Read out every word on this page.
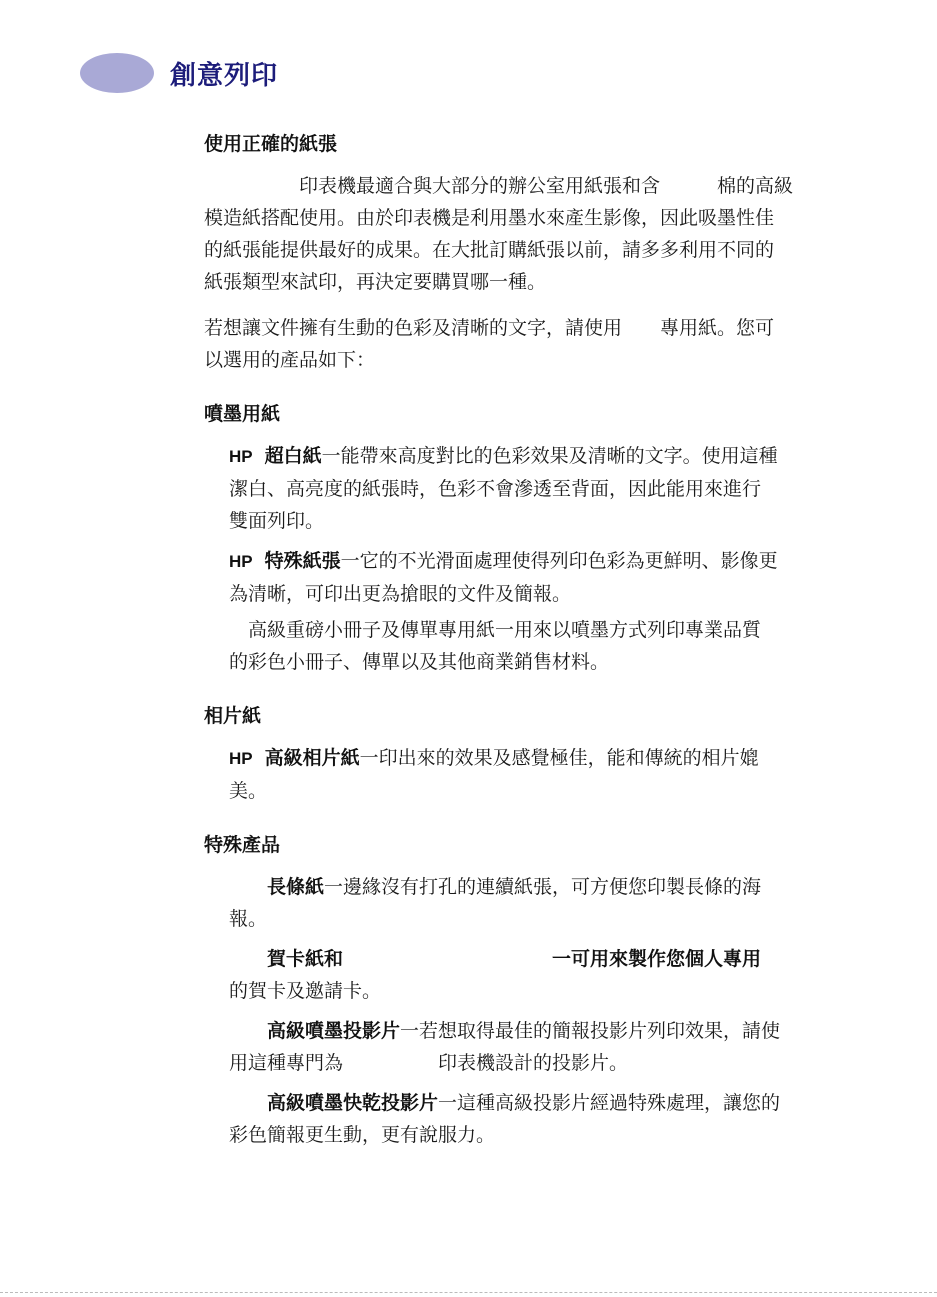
創意列印
使用正確的紙張
　　　　　印表機最適合與大部分的辦公室用紙張和含　　　棉的高級
模造紙搭配使用。由於印表機是利用墨水來產生影像，因此吸墨性佳
的紙張能提供最好的成果。在大批訂購紙張以前，請多多利用不同的
紙張類型來試印，再決定要購買哪一種。
若想讓文件擁有生動的色彩及清晰的文字，請使用　　專用紙。您可
以選用的產品如下：
噴墨用紙
HP 超白紙一能帶來高度對比的色彩效果及清晰的文字。使用這種
潔白、高亮度的紙張時，色彩不會滲透至背面，因此能用來進行
雙面列印。
HP 特殊紙張一它的不光滑面處理使得列印色彩為更鮮明、影像更
為清晰，可印出更為搶眼的文件及簡報。
　高級重磅小冊子及傳單專用紙一用來以噴墨方式列印專業品質
的彩色小冊子、傳單以及其他商業銷售材料。
相片紙
HP 高級相片紙一印出來的效果及感覺極佳，能和傳統的相片媲
美。
特殊產品
　　長條紙一邊緣沒有打孔的連續紙張，可方便您印製長條的海
報。
　　賀卡紙和　　　　　　　　　　　	一可用來製作您個人專用
的賀卡及邀請卡。
　　高級噴墨投影片一若想取得最佳的簡報投影片列印效果，請使
用這種專門為　　　　　印表機設計的投影片。
　　高級噴墨快乾投影片一這種高級投影片經過特殊處理，讓您的
彩色簡報更生動，更有說服力。
